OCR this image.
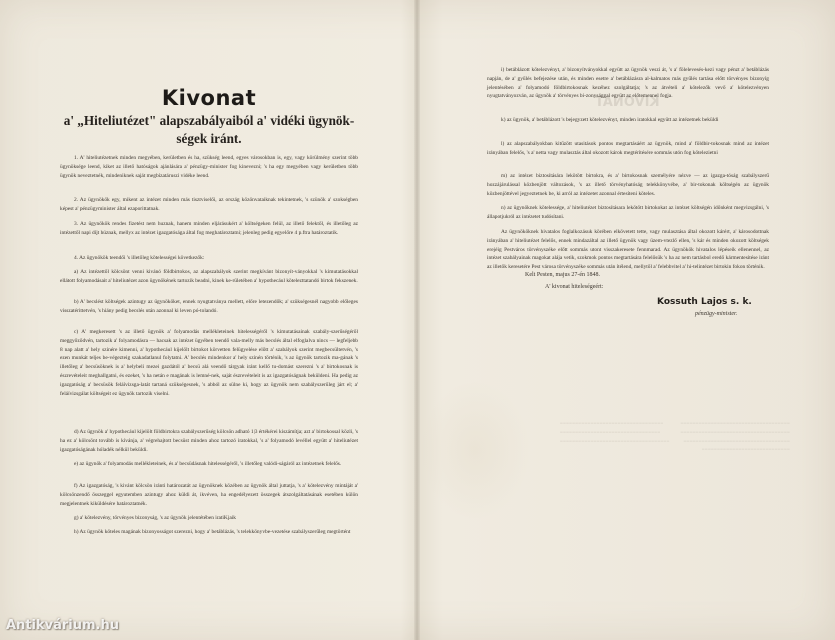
KIVONAT
≡≡≡≡≡≡≡≡≡≡≡≡≡≡≡≡≡≡≡≡≡≡≡≡≡≡≡≡≡≡≡≡≡≡≡≡ ≡≡≡≡≡≡≡≡≡≡≡≡≡≡≡≡≡≡≡≡≡≡≡≡≡≡≡≡≡≡≡≡≡≡ ≡≡≡≡≡≡≡≡≡≡≡≡≡≡≡≡≡≡≡≡≡≡≡≡≡≡≡≡≡≡≡≡≡≡≡≡ ≡≡≡≡≡≡≡≡≡≡≡≡≡≡≡≡≡≡≡≡≡≡≡≡≡≡≡≡≡≡≡≡≡ ≡≡≡≡≡≡≡≡≡≡≡≡≡≡≡≡≡≡≡≡≡≡≡≡≡≡≡≡≡≡≡≡≡≡≡ ≡≡≡≡≡≡≡≡≡≡≡≡≡≡≡≡≡≡≡≡≡≡≡≡≡≡≡≡≡≡≡≡≡≡≡≡ ≡≡≡≡≡≡≡≡≡≡≡≡≡≡≡≡≡≡≡≡≡≡≡≡≡≡≡≡≡
Kivonat
a' „Hiteliutézet" alapszabályaiból a' vidéki ügynök-ségek iránt.
1. A' hiteliutézetnek minden megyében, kerületben és ha, szükség leend, egyes városokban is, egy, vagy körülmény szerint több ügynöksége leend, kiket az illető hatóságok ajánlására a' pénzügy-minister fog kinevezni; 's ha egy megyében vagy kerületben több ügynök neveztetnék, mindeniknek saját megbízatáruszi vidéke leend.
2. Az ügynökök egy, mikent az intézet minden más tisztviselői, az ország közönvataiknak tekintetnek, 's szünök a' szokségben képest a' pénzügyminister által ezaporittatnak.
3. Az ügynökök rendes fizetést nem huznak, hanem minden eljárásukért a' költségeken felül, az illető felektől, és illetőleg az intézettől napi díjt húznak, mellyx az intézet igazgatósága által fog meghatároztatni; jelenleg pedig egyelőre 4 p.ftra határoztatik.
4. Az ügynökök teendői 's illetőleg kötelességei következők:
a) Az intézettől kölcsönt venni kivánó földbirtokos, az alapszabályok szerint megkívánt bizonyít-ványokkal 's kimutatásokkal ellátott folyamodásait a' hiteliutézet azon ügynökének tartozik beadni, kinek ke-rületében a' hypothecául kötelezttatandó birtok fekszenek.
b) A' becslést költségek azintugy az ügynököket, ennek nyugtatványa mellett, előre letezendők; a' szükségesnél nagyobb előleges visszatérittetvén, 's hiány pedig becslés után azonnal ki leven pó-tolandó.
c) A' megkeresett 's az illető ügynök a' folyamodás mellékleteinek hitelességéről 's kimutatásainak szabály-szerűségéről meggyőződvén, tartozik a' folyamodásra — hacsak az intézet ügyében teendő vala-melly más becslés által elfoglalva nincs — legfeljebb 8 nap alatt a' hely szinére kimenni, a' hypothecául kijelölt birtokot körvetten felügyelése előtt a' szabályok szerint megbecsültetvén, 's ezen munkát teljes be-végezteig szakadatlanul folytatni. A' becslés mindenkor a' hely szinén történik, 's az ügynök tartozik ma-gának 's illetőleg a' becsüsöknek is a' helybeli mezei gazdától a' becsü alá veendő tárgyak iránt kellő tu-domást szerezni 's a' birtokosnak is észrevételeit meghallgatni, és ezeket, 's ha netán e magának is lemné-nek, saját észrevételeit is az igazgatóságnak beküldeni. Ha pedig az igazgatóság a' becsüsök feláívizsga-latát tartaná szükségesnek, 's abból az sülne ki, hogy az ügynök nem szabályszerűleg járt el; a' feláívizsgálat költségeit ez ügynök tartozik viselni.
d) Az ügynök a' hypothecául kijelölt földbirtokra szabályszerűség kölcsön adható 1|3 értékérei kiszámítja; azt a' birtokossal közli, 's ha ez a' kölcsönt tovább is kívánja, a' végrehajtott becsüst minden ahoz tartozó iratokkal, 's a' folyamodó levéllel együtt a' hiteliutézet igazgatóságának hóladék nélkül beküldi.
e) az ügynök a' folyamodás mellékleteinek, és a' becsüdásnak hitelességéről, 's illetőleg valódi-ságáról az intézetnek felelős.
f) Az igazgatóság, 's kivánt kölcsön iránti határozatát az ügynöknek közében az ügynök által juttatja, 's a' kötelezvény mintáját a' kölcsönzendő összeggel egyutemben azintugy ahoz küldi át, ikvéven, ha engedélyezett összegek átszolgáltatásának esetében külön megjelentnek kiküldésére határoztatnék.
g) a' kötelezvény, törvényes bizonyság, 's az ügynök jelentétében iratiKjaik
h) Az ügynök köteles magának bizonyosságot szerezni, hogy a' betáblázás, 's telekkönyvbe-vezetése szabályszerűleg megtörtént
i) betáblázott kötelezvényt, a' bizonyítványokkal együtt az ügynök veszi át, 's a' fölelevesés-kezi vagy pénzt a' betáblázás napján, de a' gyűlés befejezése után, és minden esetre a' betáblázásra al-kalmatos más gyűlés tartása előtt törvényes bizonyíg jelentésében a' folyamodó földbirtokosnak kezéhez szolgáltatja; 's az átvételi a' kötelezők vevő a' kötelezvényen nyugtatványozván, az ügynök a' törvényes bi-zonysággal együtt az előtemennel fogja.
k) az ügynök, a' betáblázott 's bejegyzett kötelezvényt, minden iratokkal együtt az intézetnek beküldi
l) az alapszabályokban kitűzött utasitások pontos megtartásáért az ügynök, mind a' földbir-tokosnak mind az intézet irányában felelős, 's a' netta vagy mulasztás által okozott károk megtérítésére sommás utón fog kötelezietni
m) az intézet biztosítására lekötött birtokra, és a' birtokosnak személyére nézve — az igazga-tóság szabályszerű hozzájárulással közbenjött változások, 's az illető törvényhatóság telekkönyvébe, a' bir-tokonak költségén az ügynök közbenjöttével jegyeztetnek be, ki arról az intézetet azonnal értesíteni köteles.
n) az ügynöknek kötelessége, a' hiteliutézet biztosításara lekötött birtokokat az intézet költségén időnként megvizsgálni, 's állapotjukról az intézetet tudósítani.
Az ügynököknek hivatalos foglalkozásuk körében elkövetett tette, vagy mulasztása által okozott kárért, a' károsodottnak irányában a' hiteliutézet felelős, ennek mindazáltal az illető ügynök vagy üzem-vtezlő ellen, 's kár és minden okozott költségek erejéig Pestváros törvényszéke előtt sommás utont visszakeresete fennmarad. Az ügynökök hivatalos lépéseik ellenennel, az intézet szabályainak magokat alája vetik, szokmok pontos megtartására felelősük 's ha az nem tartásbol eredő kármentesitése iránt az illetők keresetére Pest városa törvényszéke sommás után ítélend, mellytől a' felebbvitel a' hi-telintézet birtokin fokon történik.
Kelt Pesten, majus 27-én 1848.
A' kivonat hiteleségeért:
Kossuth Lajos s. k.
pénzügy-minister.
Antikvárium.hu
